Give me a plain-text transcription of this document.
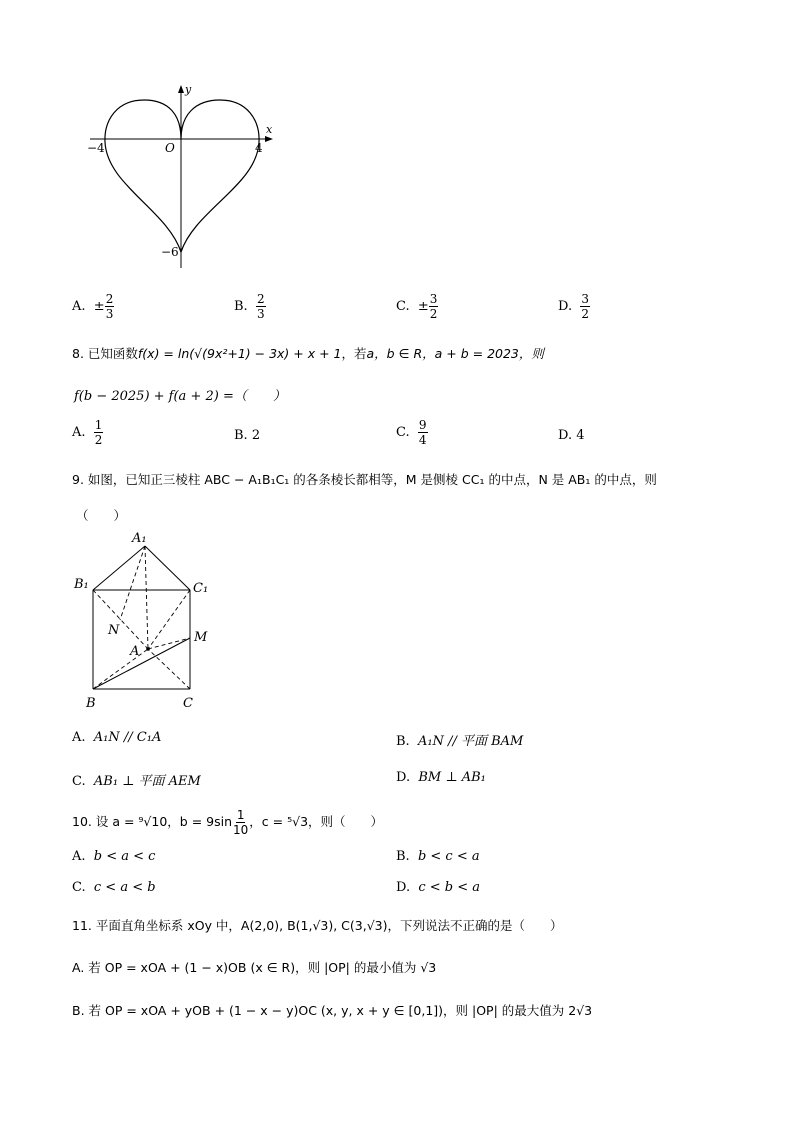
x
y
O
−4	4
−6
A. ± $\frac{2}{3}$	B. $\frac{2}{3}$	C. ± $\frac{3}{2}$	D. $\frac{3}{2}$
8. 已知函数f(x) = ln(√(9x²+1) − 3x) + x + 1，若a，b ∈ R，a + b = 2023，则
f(b − 2025) + f(a + 2) =（　　）
A. $\frac{1}{2}$	B. 2	C. $\frac{9}{4}$	D. 4
9. 如图，已知正三棱柱 ABC − A₁B₁C₁ 的各条棱长都相等，M 是侧棱 CC₁ 的中点，N 是 AB₁ 的中点，则
（　　）
A₁
B₁	C₁
N
A
M
B	C
A. A₁N // C₁A	B. A₁N // 平面 BAM
C. AB₁ ⊥ 平面 AEM	D. BM ⊥ AB₁
10. 设 a = ⁹√10，$b = 9\sin \frac{1}{10}$ ，c = ⁵√3，则（　　）
A. b < a < c	B. b < c < a
C. c < a < b	D. c < b < a
11. 平面直角坐标系 xOy 中，A(2,0), B(1,√3), C(3,√3)，下列说法不正确的是（　　）
A. 若 OP = xOA + (1 − x)OB (x ∈ R)，则 |OP| 的最小值为 √3
B. 若 OP = xOA + yOB + (1 − x − y)OC (x, y, x + y ∈ [0,1])，则 |OP| 的最大值为 2√3
